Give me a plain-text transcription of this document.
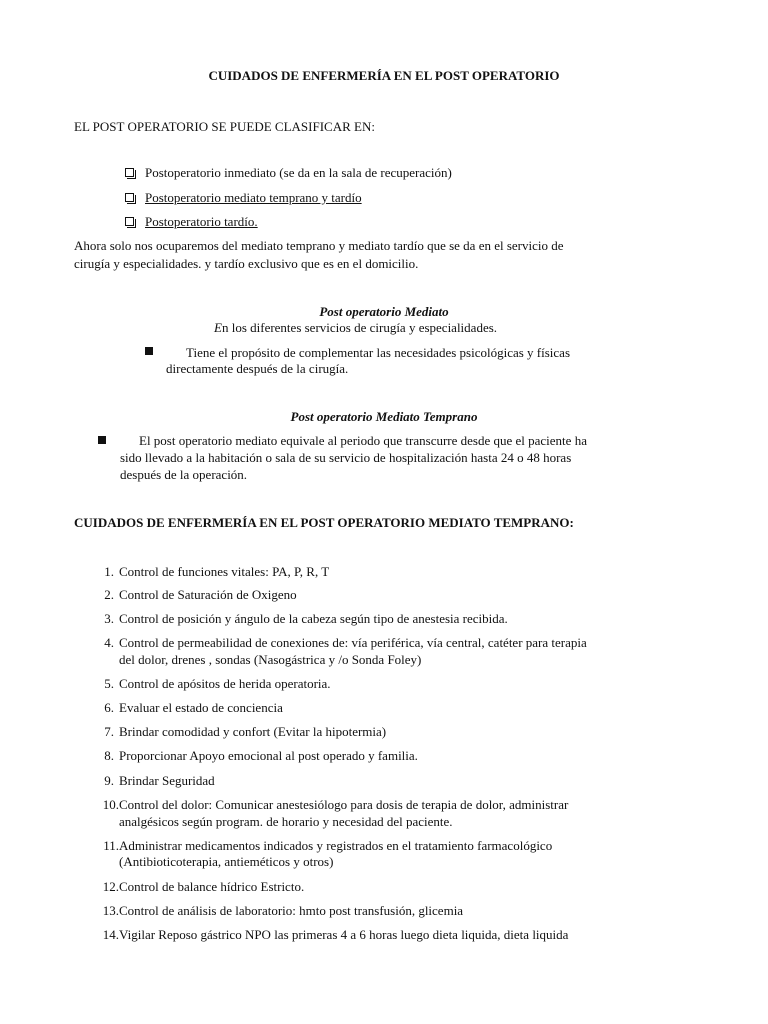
CUIDADOS DE ENFERMERÍA EN EL POST OPERATORIO
EL POST OPERATORIO SE PUEDE CLASIFICAR EN:
Postoperatorio inmediato (se da en la sala de recuperación)
Postoperatorio mediato temprano y tardío
Postoperatorio tardío.
Ahora solo nos ocuparemos del mediato temprano y mediato tardío que se da en el servicio de
cirugía y especialidades. y tardío exclusivo que es en el domicilio.
Post operatorio Mediato
En los diferentes servicios de cirugía y especialidades.
Tiene el propósito de complementar las necesidades psicológicas y físicas
directamente después de la cirugía.
Post operatorio Mediato Temprano
El post operatorio mediato equivale al periodo que transcurre desde que el paciente ha
sido llevado a la habitación o sala de su servicio de hospitalización hasta 24 o 48 horas
después de la operación.
CUIDADOS DE ENFERMERÍA EN EL POST OPERATORIO MEDIATO TEMPRANO:
1. Control de funciones vitales: PA, P, R, T
2. Control de Saturación de Oxigeno
3. Control de posición y ángulo de la cabeza según tipo de anestesia recibida.
4. Control de permeabilidad de conexiones de: vía periférica, vía central, catéter para terapia
del dolor, drenes , sondas (Nasogástrica y /o Sonda Foley)
5. Control de apósitos de herida operatoria.
6. Evaluar el estado de conciencia
7. Brindar comodidad y confort (Evitar la hipotermia)
8. Proporcionar Apoyo emocional al post operado y familia.
9. Brindar Seguridad
10. Control del dolor: Comunicar anestesiólogo para dosis de terapia de dolor, administrar
analgésicos según program. de horario y necesidad del paciente.
11. Administrar medicamentos indicados y registrados en el tratamiento farmacológico
(Antibioticoterapia, antieméticos y otros)
12. Control de balance hídrico Estricto.
13. Control de análisis de laboratorio: hmto post transfusión, glicemia
14. Vigilar Reposo gástrico NPO las primeras 4 a 6 horas luego dieta liquida, dieta liquida
